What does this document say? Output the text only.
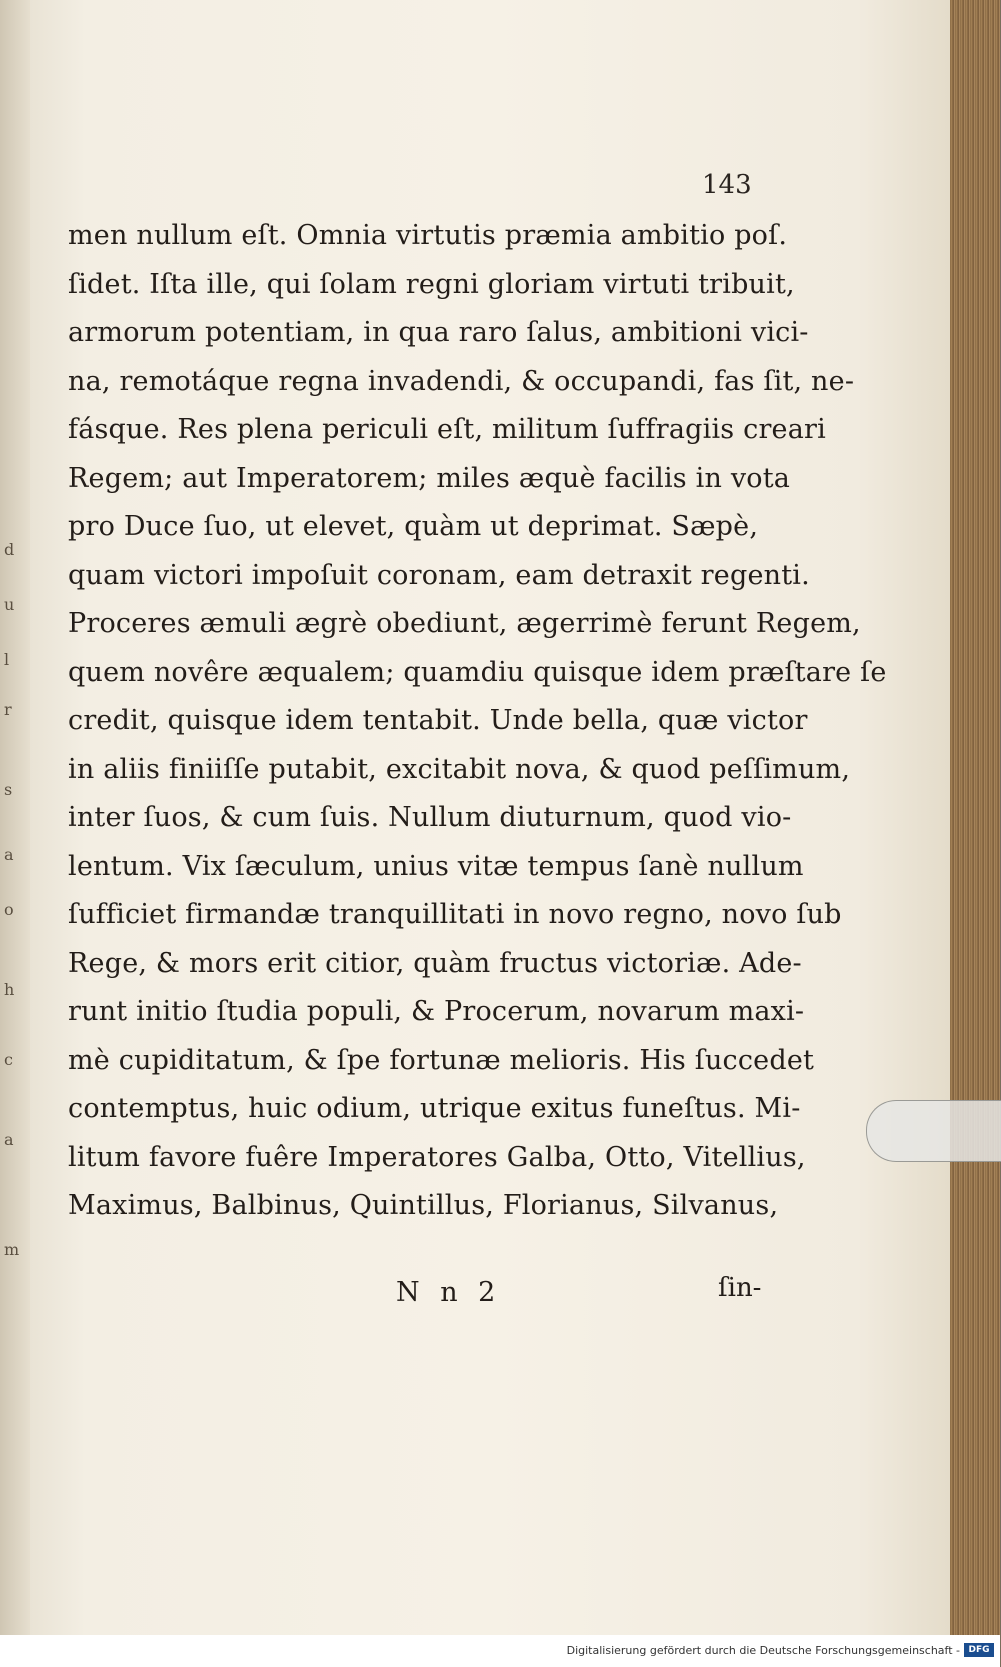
d
u
l
r
s
a
o
h
c
a
m
143
men nullum eſt. Omnia virtutis præmia ambitio poſ.
ſidet. Iſta ille, qui ſolam regni gloriam virtuti tribuit,
armorum potentiam, in qua raro ſalus, ambitioni vici-
na, remotáque regna invadendi, & occupandi, fas ſit, ne-
fásque. Res plena periculi eſt, militum ſuffragiis creari
Regem; aut Imperatorem; miles æquè facilis in vota
pro Duce ſuo, ut elevet, quàm ut deprimat. Sæpè,
quam victori impoſuit coronam, eam detraxit regenti.
Proceres æmuli ægrè obediunt, ægerrimè ferunt Regem,
quem novêre æqualem; quamdiu quisque idem præſtare ſe
credit, quisque idem tentabit. Unde bella, quæ victor
in aliis finiiſſe putabit, excitabit nova, & quod peſſimum,
inter ſuos, & cum ſuis. Nullum diuturnum, quod vio-
lentum. Vix ſæculum, unius vitæ tempus ſanè nullum
ſufficiet firmandæ tranquillitati in novo regno, novo ſub
Rege, & mors erit citior, quàm fructus victoriæ. Ade-
runt initio ſtudia populi, & Procerum, novarum maxi-
mè cupiditatum, & ſpe fortunæ melioris. His ſuccedet
contemptus, huic odium, utrique exitus funeſtus. Mi-
litum favore fuêre Imperatores Galba, Otto, Vitellius,
Maximus, Balbinus, Quintillus, Florianus, Silvanus,
N n 2	ſin-
Digitalisierung gefördert durch die Deutsche Forschungsgemeinschaft - DFG
